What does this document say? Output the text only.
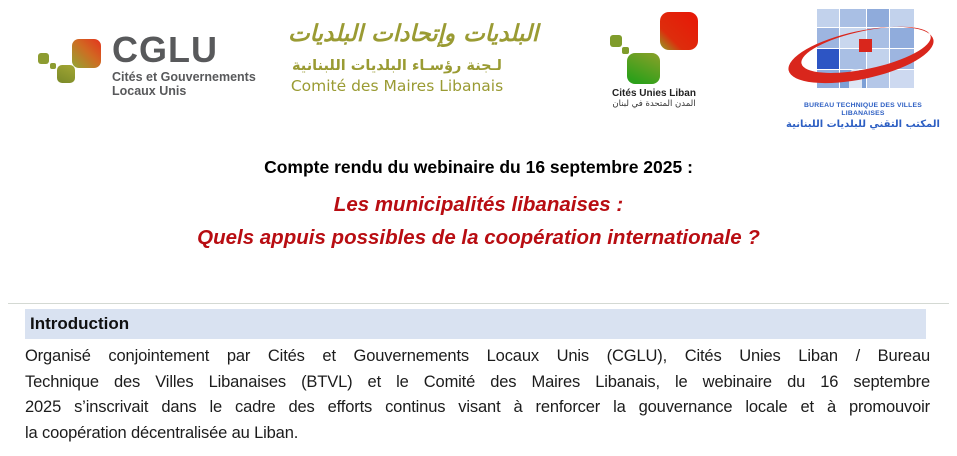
CGLU
Cités et Gouvernements
Locaux Unis
البلديات وإتحادات البلديات
لـجنة رؤسـاء البلديات اللبنانية
Comité des Maires Libanais	Cités Unies Liban
المدن المتحدة في لبنان	BUREAU TECHNIQUE DES VILLES LIBANAISES
المكتب التقني للبلديات اللبنانية
Compte rendu du webinaire du 16 septembre 2025 :
Les municipalités libanaises :
Quels appuis possibles de la coopération internationale ?
Introduction
Organisé conjointement par Cités et Gouvernements Locaux Unis (CGLU), Cités Unies Liban / Bureau
Technique des Villes Libanaises (BTVL) et le Comité des Maires Libanais, le webinaire du 16 septembre
2025 s’inscrivait dans le cadre des efforts continus visant à renforcer la gouvernance locale et à promouvoir
la coopération décentralisée au Liban.
